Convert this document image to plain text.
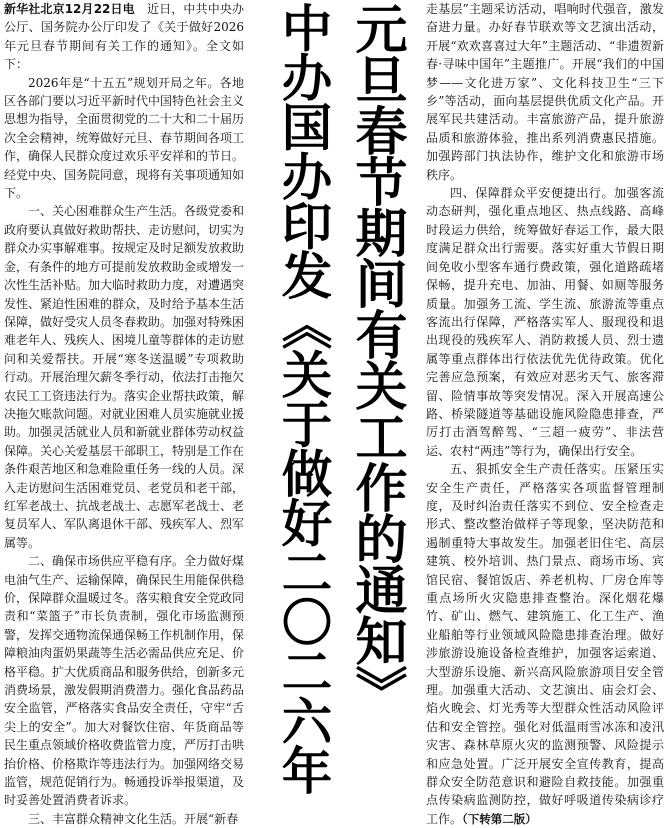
新华社北京12月22日电　 近日，中共中央办公厅、国务院办公厅印发了《关于做好2026年元旦春节期间有关工作的通知》。全文如下：

2026年是“十五五”规划开局之年。各地区各部门要以习近平新时代中国特色社会主义思想为指导，全面贯彻党的二十大和二十届历次全会精神，统筹做好元旦、春节期间各项工作，确保人民群众度过欢乐平安祥和的节日。经党中央、国务院同意，现将有关事项通知如下。

一、关心困难群众生产生活。各级党委和政府要认真做好救助帮扶、走访慰问，切实为群众办实事解难事。按规定及时足额发放救助金，有条件的地方可提前发放救助金或增发一次性生活补贴。加大临时救助力度，对遭遇突发性、紧迫性困难的群众，及时给予基本生活保障，做好受灾人员冬春救助。加强对特殊困难老年人、残疾人、困境儿童等群体的走访慰问和关爱帮扶。开展“寒冬送温暖”专项救助行动。开展治理欠薪冬季行动，依法打击拖欠农民工工资违法行为。落实企业帮扶政策，解决拖欠账款问题。对就业困难人员实施就业援助。加强灵活就业人员和新就业群体劳动权益保障。关心关爱基层干部职工，特别是工作在条件艰苦地区和急难险重任务一线的人员。深入走访慰问生活困难党员、老党员和老干部，红军老战士、抗战老战士、志愿军老战士、老复员军人、军队离退休干部、残疾军人、烈军属等。

二、确保市场供应平稳有序。全力做好煤电油气生产、运输保障，确保民生用能保供稳价，保障群众温暖过冬。落实粮食安全党政同责和“菜篮子”市长负责制，强化市场监测预警，发挥交通物流保通保畅工作机制作用，保障粮油肉蛋奶果蔬等生活必需品供应充足、价格平稳。扩大优质商品和服务供给，创新多元消费场景，激发假期消费潜力。强化食品药品安全监管，严格落实食品安全责任，守牢“舌尖上的安全”。加大对餐饮住宿、年货商品等民生重点领域价格收费监管力度，严厉打击哄抬价格、价格欺诈等违法行为。加强网络交易监管，规范促销行为。畅通投诉举报渠道，及时妥善处置消费者诉求。

三、丰富群众精神文化生活。开展“新春

中办国办印发《关于做好二〇二六年 元旦春节期间有关工作的通知》 走基层”主题采访活动，唱响时代强音，激发奋进力量。办好春节联欢等文艺演出活动，开展“欢欢喜喜过大年”主题活动、“非遗贺新春·寻味中国年”主题推广。开展“我们的中国梦——文化进万家”、文化科技卫生“三下乡”等活动，面向基层提供优质文化产品。开展军民共建活动。丰富旅游产品，提升旅游品质和旅游体验，推出系列消费惠民措施。加强跨部门执法协作，维护文化和旅游市场秩序。

四、保障群众平安便捷出行。加强客流动态研判，强化重点地区、热点线路、高峰时段运力供给，统筹做好春运工作，最大限度满足群众出行需要。落实好重大节假日期间免收小型客车通行费政策，强化道路疏堵保畅，提升充电、加油、用餐、如厕等服务质量。加强务工流、学生流、旅游流等重点客流出行保障，严格落实军人、服现役和退出现役的残疾军人、消防救援人员、烈士遗属等重点群体出行依法优先优待政策。优化完善应急预案，有效应对恶劣天气、旅客滞留、险情事故等突发情况。深入开展高速公路、桥梁隧道等基础设施风险隐患排查，严厉打击酒驾醉驾、“三超一疲劳”、非法营运、农村“两违”等行为，确保出行安全。

五、狠抓安全生产责任落实。压紧压实安全生产责任，严格落实各项监督管理制度，及时纠治责任落实不到位、安全检查走形式、整改整治做样子等现象，坚决防范和遏制重特大事故发生。加强老旧住宅、高层建筑、校外培训、热门景点、商场市场、宾馆民宿、餐馆饭店、养老机构、厂房仓库等重点场所火灾隐患排查整治。深化烟花爆竹、矿山、燃气、建筑施工、化工生产、渔业船舶等行业领域风险隐患排查治理。做好涉旅游设施设备检查维护，加强客运索道、大型游乐设施、新兴高风险旅游项目安全管理。加强重大活动、文艺演出、庙会灯会、焰火晚会、灯光秀等大型群众性活动风险评估和安全管控。强化对低温雨雪冰冻和凌汛灾害、森林草原火灾的监测预警、风险提示和应急处置。广泛开展安全宣传教育，提高群众安全防范意识和避险自救技能。加强重点传染病监测防控，做好呼吸道传染病诊疗工作。（下转第二版）
